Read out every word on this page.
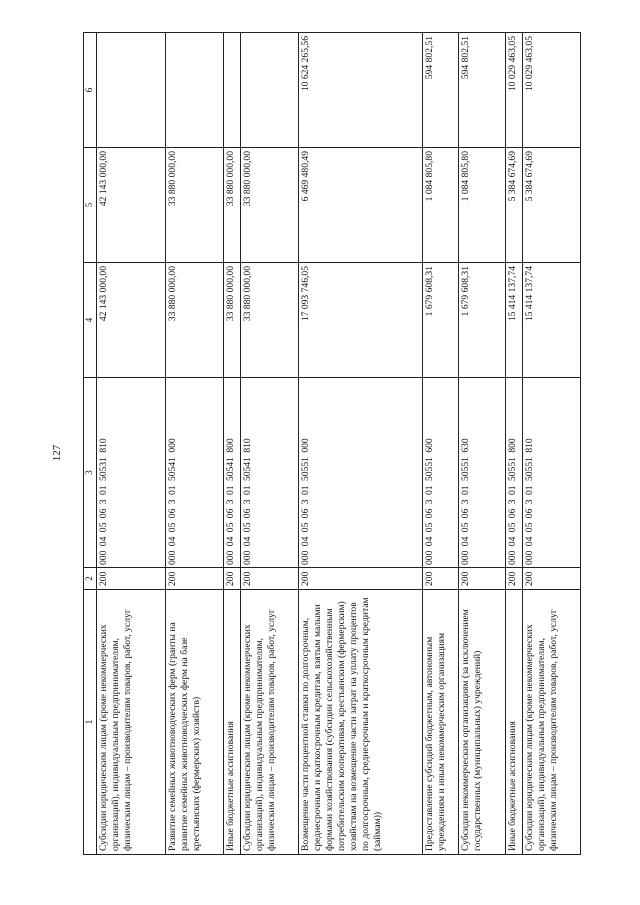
127
1	2	3	4	5	6
Субсидии юридическим лицам (кроме некоммерческих организаций), индивидуальным предпринимателям, физическим лицам – производителям товаров, работ, услуг	200	000 04 05 06 3 01 50531 810	42 143 000,00	42 143 000,00	
Развитие семейных животноводческих ферм (гранты на развитие семейных животноводческих ферм на базе крестьянских (фермерских) хозяйств)	200	000 04 05 06 3 01 50541 000	33 880 000,00	33 880 000,00	
Иные бюджетные ассигнования	200	000 04 05 06 3 01 50541 800	33 880 000,00	33 880 000,00	
Субсидии юридическим лицам (кроме некоммерческих организаций), индивидуальным предпринимателям, физическим лицам – производителям товаров, работ, услуг	200	000 04 05 06 3 01 50541 810	33 880 000,00	33 880 000,00	
Возмещение части процентной ставки по долгосрочным, среднесрочным и краткосрочным кредитам, взятым малыми формами хозяйствования (субсидии сельскохозяйственным потребительским кооперативам, крестьянским (фермерским) хозяйствам на возмещение части затрат на уплату процентов по долгосрочным, среднесрочным и краткосрочным кредитам (займам))	200	000 04 05 06 3 01 50551 000	17 093 746,05	6 469 480,49	10 624 265,56
Предоставление субсидий бюджетным, автономным учреждениям и иным некоммерческим организациям	200	000 04 05 06 3 01 50551 600	1 679 608,31	1 084 805,80	594 802,51
Субсидии некоммерческим организациям (за исключением государственных (муниципальных) учреждений)	200	000 04 05 06 3 01 50551 630	1 679 608,31	1 084 805,80	594 802,51
Иные бюджетные ассигнования	200	000 04 05 06 3 01 50551 800	15 414 137,74	5 384 674,69	10 029 463,05
Субсидии юридическим лицам (кроме некоммерческих организаций), индивидуальным предпринимателям, физическим лицам – производителям товаров, работ, услуг	200	000 04 05 06 3 01 50551 810	15 414 137,74	5 384 674,69	10 029 463,05
